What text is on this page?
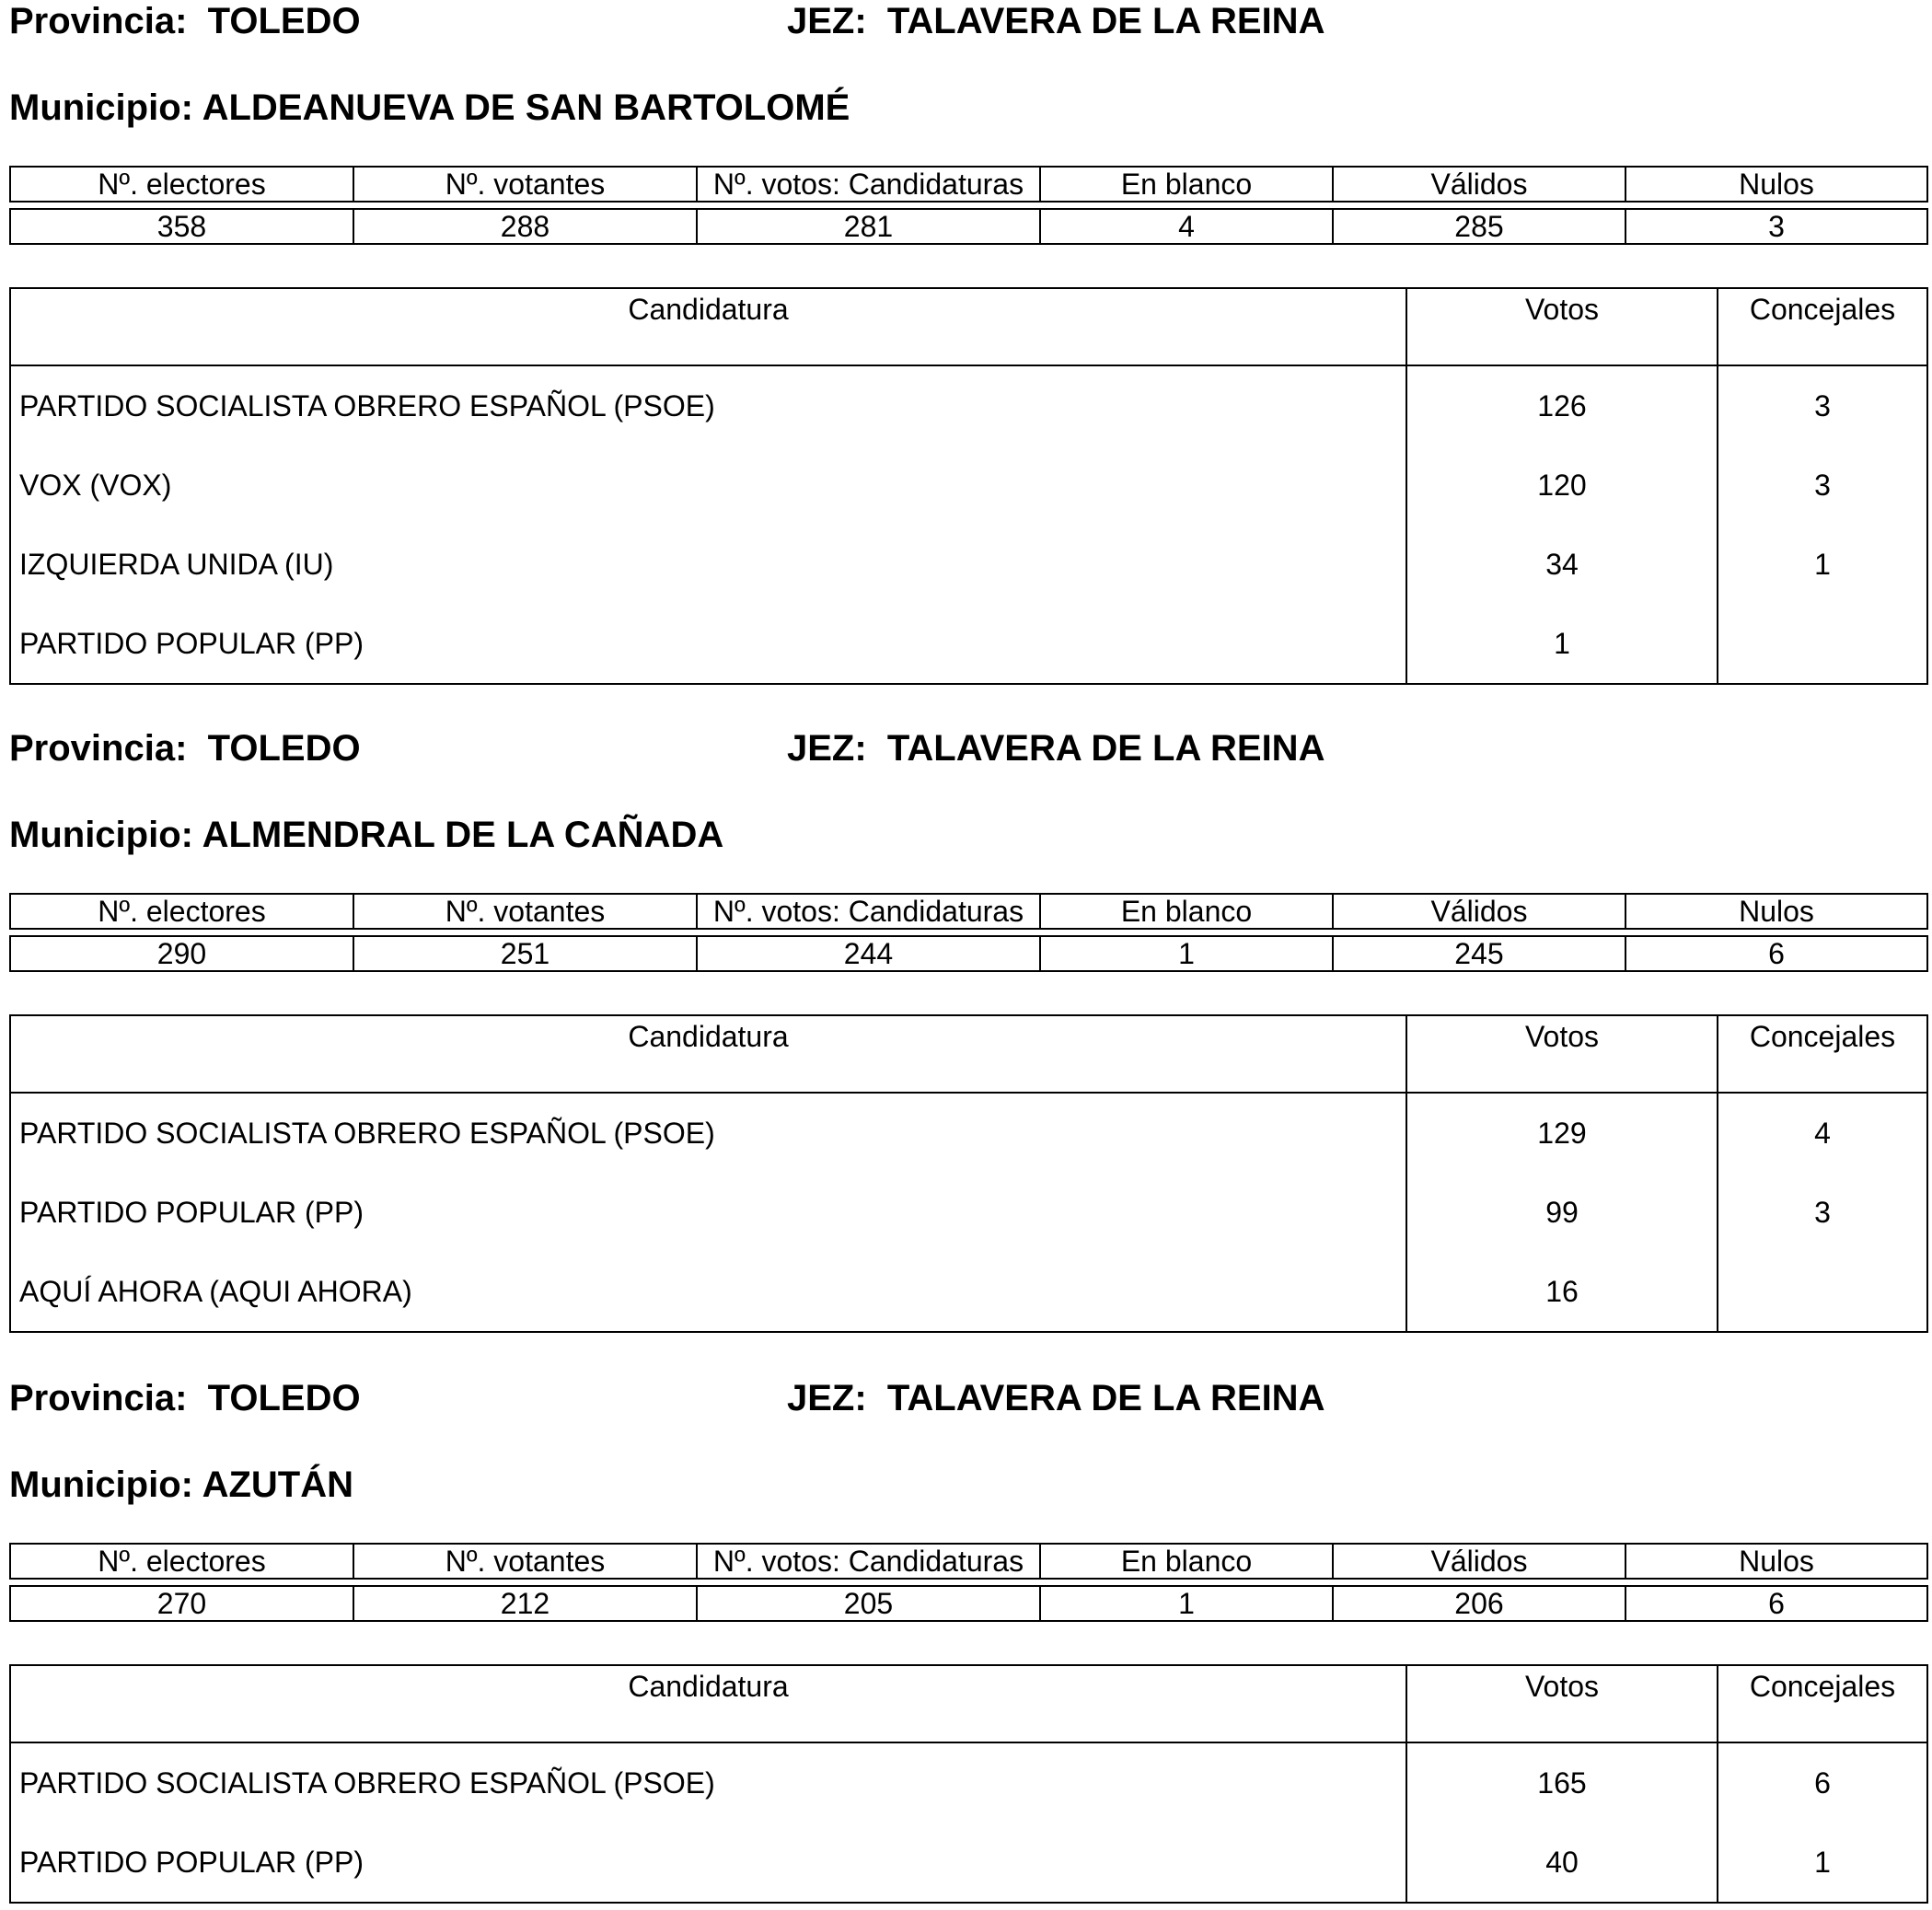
Provincia:  TOLEDO	JEZ:  TALAVERA DE LA REINA
Municipio: ALDEANUEVA DE SAN BARTOLOMÉ
Nº. electores	Nº. votantes	Nº. votos: Candidaturas	En blanco	Válidos	Nulos

358	288	281	4	285	3
Candidatura	Votos	Concejales
PARTIDO SOCIALISTA OBRERO ESPAÑOL (PSOE)	126	3
VOX (VOX)	120	3
IZQUIERDA UNIDA (IU)	34	1
PARTIDO POPULAR (PP)	1	
Provincia:  TOLEDO	JEZ:  TALAVERA DE LA REINA
Municipio: ALMENDRAL DE LA CAÑADA
Nº. electores	Nº. votantes	Nº. votos: Candidaturas	En blanco	Válidos	Nulos

290	251	244	1	245	6
Candidatura	Votos	Concejales
PARTIDO SOCIALISTA OBRERO ESPAÑOL (PSOE)	129	4
PARTIDO POPULAR (PP)	99	3
AQUÍ AHORA (AQUI AHORA)	16	
Provincia:  TOLEDO	JEZ:  TALAVERA DE LA REINA
Municipio: AZUTÁN
Nº. electores	Nº. votantes	Nº. votos: Candidaturas	En blanco	Válidos	Nulos

270	212	205	1	206	6
Candidatura	Votos	Concejales
PARTIDO SOCIALISTA OBRERO ESPAÑOL (PSOE)	165	6
PARTIDO POPULAR (PP)	40	1
